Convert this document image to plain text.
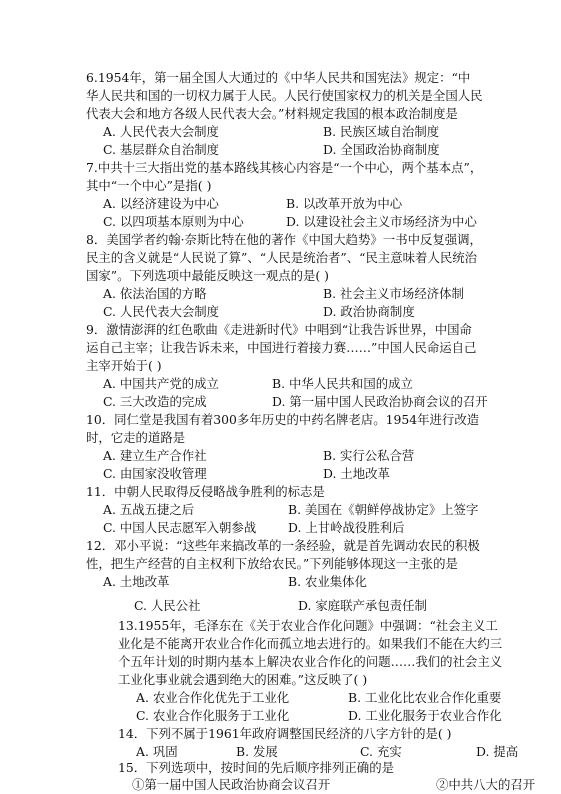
6.1954年，第一届全国人大通过的《中华人民共和国宪法》规定：“中
华人民共和国的一切权力属于人民。人民行使国家权力的机关是全国人民
代表大会和地方各级人民代表大会。”材料规定我国的根本政治制度是
A. 人民代表大会制度	B. 民族区域自治制度
C. 基层群众自治制度	D. 全国政治协商制度
7.中共十三大指出党的基本路线其核心内容是“一个中心，两个基本点”，
其中“一个中心”是指( )
A. 以经济建设为中心	B. 以改革开放为中心
C. 以四项基本原则为中心	D. 以建设社会主义市场经济为中心
8．美国学者约翰·奈斯比特在他的著作《中国大趋势》一书中反复强调，
民主的含义就是“人民说了算”、“人民是统治者”、“民主意味着人民统治
国家”。下列选项中最能反映这一观点的是( )
A. 依法治国的方略	B. 社会主义市场经济体制
C. 人民代表大会制度	D. 政治协商制度
9．激情澎湃的红色歌曲《走进新时代》中唱到“让我告诉世界，中国命
运自己主宰；让我告诉未来，中国进行着接力赛……”中国人民命运自己
主宰开始于( )
A. 中国共产党的成立	B. 中华人民共和国的成立
C. 三大改造的完成	D. 第一届中国人民政治协商会议的召开
10．同仁堂是我国有着300多年历史的中药名牌老店。1954年进行改造
时，它走的道路是
A. 建立生产合作社	B. 实行公私合营
C. 由国家没收管理	D. 土地改革
11．中朝人民取得反侵略战争胜利的标志是
A. 五战五捷之后	B. 美国在《朝鲜停战协定》上签字
C. 中国人民志愿军入朝参战	D. 上甘岭战役胜利后
12．邓小平说：“这些年来搞改革的一条经验，就是首先调动农民的积极
性，把生产经营的自主权利下放给农民。”下列能够体现这一主张的是
A. 土地改革	B. 农业集体化
C. 人民公社	D. 家庭联产承包责任制
13.1955年，毛泽东在《关于农业合作化问题》中强调：“社会主义工
业化是不能离开农业合作化而孤立地去进行的。如果我们不能在大约三
个五年计划的时期内基本上解决农业合作化的问题……我们的社会主义
工业化事业就会遇到绝大的困难。”这反映了( )
A. 农业合作化优先于工业化	B. 工业化比农业合作化重要
C. 农业合作化服务于工业化	D. 工业化服务于农业合作化
14．下列不属于1961年政府调整国民经济的八字方针的是( )
A. 巩固	B. 发展	C. 充实	D. 提高
15．下列选项中，按时间的先后顺序排列正确的是
①第一届中国人民政治协商会议召开	②中共八大的召开
